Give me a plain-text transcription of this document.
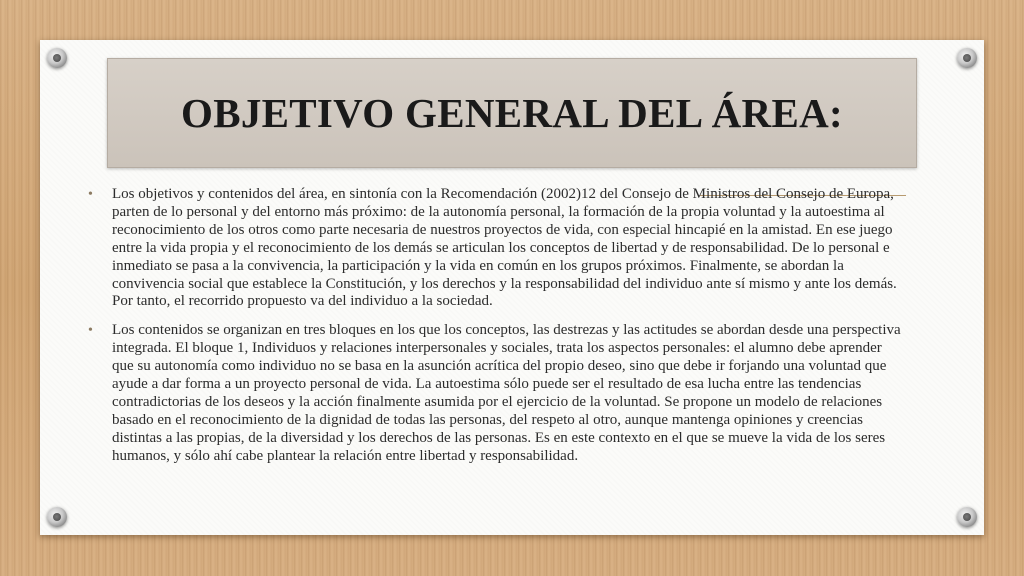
OBJETIVO GENERAL DEL ÁREA:
• Los objetivos y contenidos del área, en sintonía con la Recomendación (2002)12 del Consejo de Ministros del Consejo de Europa, parten de lo personal y del entorno más próximo: de la autonomía personal, la formación de la propia voluntad y la autoestima al reconocimiento de los otros como parte necesaria de nuestros proyectos de vida, con especial hincapié en la amistad. En ese juego entre la vida propia y el reconocimiento de los demás se articulan los conceptos de libertad y de responsabilidad. De lo personal e inmediato se pasa a la convivencia, la participación y la vida en común en los grupos próximos. Finalmente, se abordan la convivencia social que establece la Constitución, y los derechos y la responsabilidad del individuo ante sí mismo y ante los demás. Por tanto, el recorrido propuesto va del individuo a la sociedad.
• Los contenidos se organizan en tres bloques en los que los conceptos, las destrezas y las actitudes se abordan desde una perspectiva integrada. El bloque 1, Individuos y relaciones interpersonales y sociales, trata los aspectos personales: el alumno debe aprender que su autonomía como individuo no se basa en la asunción acrítica del propio deseo, sino que debe ir forjando una voluntad que ayude a dar forma a un proyecto personal de vida. La autoestima sólo puede ser el resultado de esa lucha entre las tendencias contradictorias de los deseos y la acción finalmente asumida por el ejercicio de la voluntad. Se propone un modelo de relaciones basado en el reconocimiento de la dignidad de todas las personas, del respeto al otro, aunque mantenga opiniones y creencias distintas a las propias, de la diversidad y los derechos de las personas. Es en este contexto en el que se mueve la vida de los seres humanos, y sólo ahí cabe plantear la relación entre libertad y responsabilidad.
